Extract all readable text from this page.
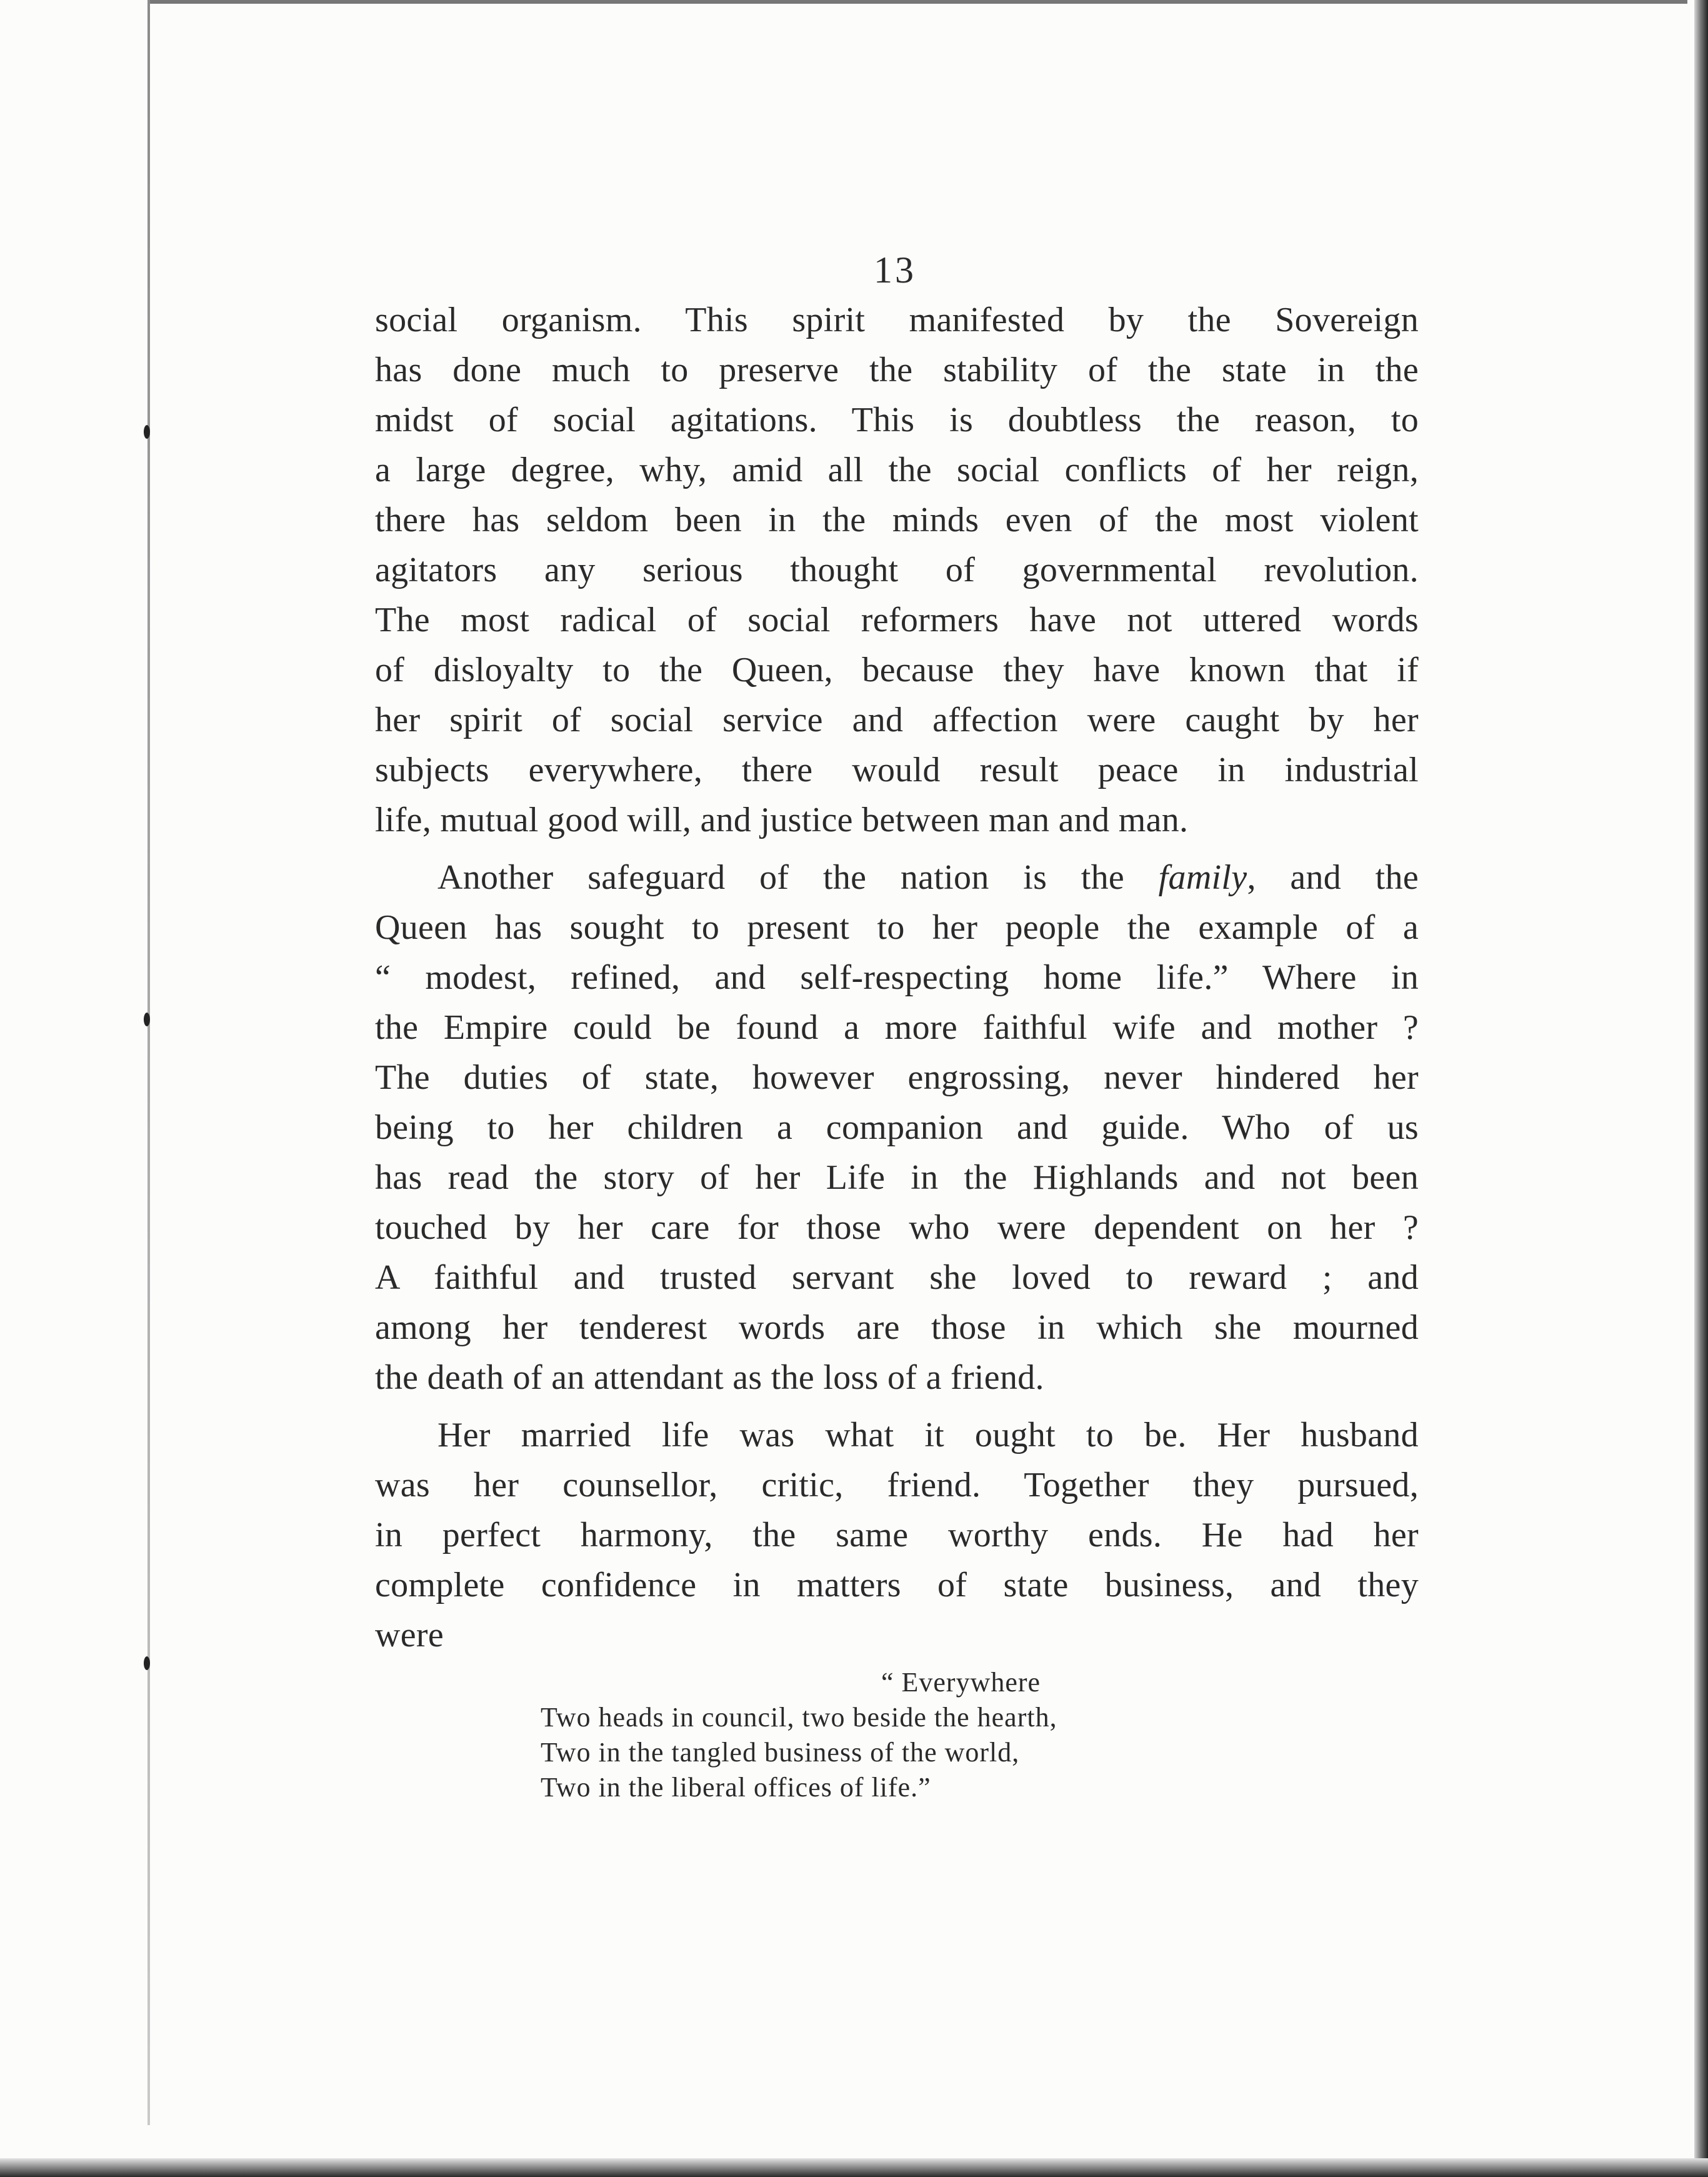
13
social organism. This spirit manifested by the Sovereign
has done much to preserve the stability of the state in the
midst of social agitations. This is doubtless the reason, to
a large degree, why, amid all the social conflicts of her reign,
there has seldom been in the minds even of the most violent
agitators any serious thought of governmental revolution.
The most radical of social reformers have not uttered words
of disloyalty to the Queen, because they have known that if
her spirit of social service and affection were caught by her
subjects everywhere, there would result peace in industrial
life, mutual good will, and justice between man and man.
Another safeguard of the nation is the family, and the
Queen has sought to present to her people the example of a
“ modest, refined, and self-respecting home life.” Where in
the Empire could be found a more faithful wife and mother ?
The duties of state, however engrossing, never hindered her
being to her children a companion and guide. Who of us
has read the story of her Life in the Highlands and not been
touched by her care for those who were dependent on her ?
A faithful and trusted servant she loved to reward ; and
among her tenderest words are those in which she mourned
the death of an attendant as the loss of a friend.
Her married life was what it ought to be. Her husband
was her counsellor, critic, friend. Together they pursued,
in perfect harmony, the same worthy ends. He had her
complete confidence in matters of state business, and they
were
“ Everywhere
Two heads in council, two beside the hearth,
Two in the tangled business of the world,
Two in the liberal offices of life.”
